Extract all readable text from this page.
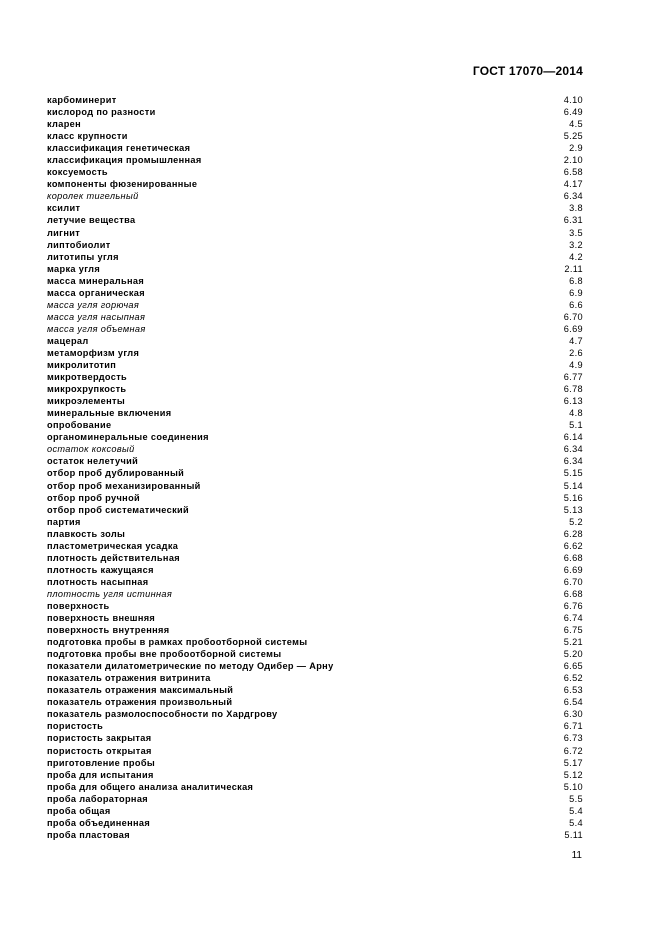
ГОСТ 17070—2014
карбоминерит	4.10
кислород по разности	6.49
кларен	4.5
класс крупности	5.25
классификация генетическая	2.9
классификация промышленная	2.10
коксуемость	6.58
компоненты фюзенированные	4.17
королек тигельный	6.34
ксилит	3.8
летучие вещества	6.31
лигнит	3.5
липтобиолит	3.2
литотипы угля	4.2
марка угля	2.11
масса минеральная	6.8
масса органическая	6.9
масса угля горючая	6.6
масса угля насыпная	6.70
масса угля объемная	6.69
мацерал	4.7
метаморфизм угля	2.6
микролитотип	4.9
микротвердость	6.77
микрохрупкость	6.78
микроэлементы	6.13
минеральные включения	4.8
опробование	5.1
органоминеральные соединения	6.14
остаток коксовый	6.34
остаток нелетучий	6.34
отбор проб дублированный	5.15
отбор проб механизированный	5.14
отбор проб ручной	5.16
отбор проб систематический	5.13
партия	5.2
плавкость золы	6.28
пластометрическая усадка	6.62
плотность действительная	6.68
плотность кажущаяся	6.69
плотность насыпная	6.70
плотность угля истинная	6.68
поверхность	6.76
поверхность внешняя	6.74
поверхность внутренняя	6.75
подготовка пробы в рамках пробоотборной системы	5.21
подготовка пробы вне пробоотборной системы	5.20
показатели дилатометрические по методу Одибер — Арну	6.65
показатель отражения витринита	6.52
показатель отражения максимальный	6.53
показатель отражения произвольный	6.54
показатель размолоспособности по Хардгрову	6.30
пористость	6.71
пористость закрытая	6.73
пористость открытая	6.72
приготовление пробы	5.17
проба для испытания	5.12
проба для общего анализа аналитическая	5.10
проба лабораторная	5.5
проба общая	5.4
проба объединенная	5.4
проба пластовая	5.11
11
